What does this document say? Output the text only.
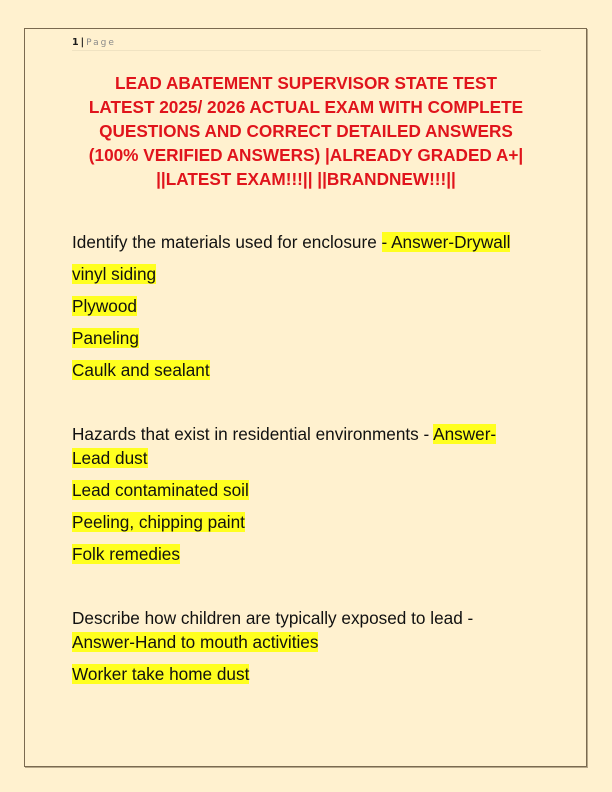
1 | Page
LEAD ABATEMENT SUPERVISOR STATE TEST
LATEST 2025/ 2026 ACTUAL EXAM WITH COMPLETE
QUESTIONS AND CORRECT DETAILED ANSWERS
(100% VERIFIED ANSWERS) |ALREADY GRADED A+|
||LATEST EXAM!!!|| ||BRANDNEW!!!||
Identify the materials used for enclosure - Answer-Drywall
vinyl siding
Plywood
Paneling
Caulk and sealant
Hazards that exist in residential environments - Answer-
Lead dust
Lead contaminated soil
Peeling, chipping paint
Folk remedies
Describe how children are typically exposed to lead -
Answer-Hand to mouth activities
Worker take home dust
